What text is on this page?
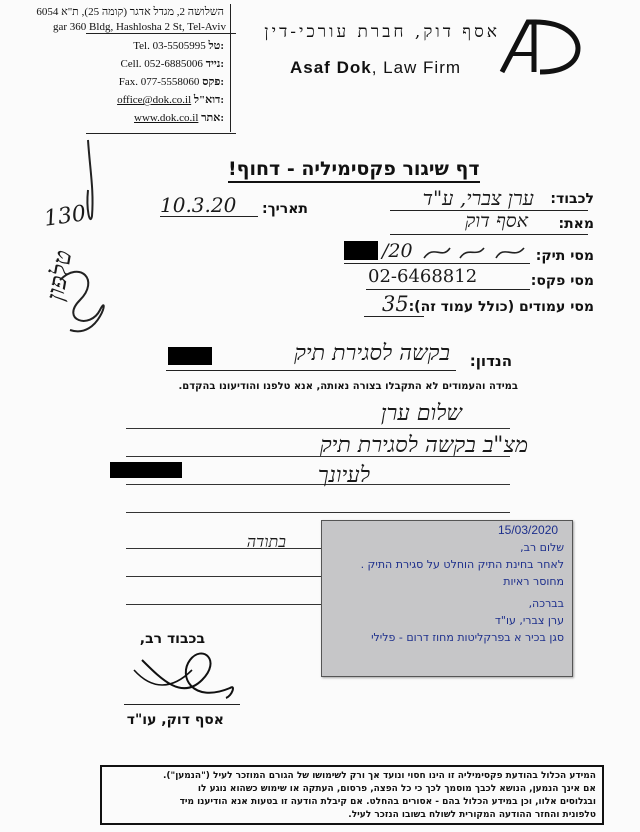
השלושה 2, מגדל אדגר (קומה 25), ת"א 6054
gar 360 Bldg, Hashlosha 2 St, Tel-Aviv
Tel. 03-5505995 טל:
Cell. 052-6885006 נייד:
Fax. 077-5558060 פקס:
office@dok.co.il דוא"ל:
www.dok.co.il אתר:
אסף דוק, חברת עורכי-דין
Asaf Dok, Law Firm
דף שיגור פקסימיליה - דחוף!
130
טלפון
לכבוד:
ערן צברי, ע"ד
תאריך:
10.3.20
מאת:
אסף דוק
מסי תיק:
/20
מסי פקס:
02-6468812
מסי עמודים (כולל עמוד זה):
35
הנדון:
בקשה לסגירת תיק
במידה והעמודים לא התקבלו בצורה נאותה, אנא טלפנו והודיעונו בהקדם.
שלום ערן
מצ"ב בקשה לסגירת תיק
לעיונך
בתודה
בכבוד רב,
אסף דוק, עו"ד
15/03/2020
שלום רב,
לאחר בחינת התיק הוחלט על סגירת התיק .
מחוסר ראיות
בברכה,
ערן צברי, עו"ד
סגן בכיר א בפרקליטות מחוז דרום - פלילי
המידע הכלול בהודעת פקסימיליה זו הינו חסוי ונועד אך ורק לשימושו של הגורם המוזכר לעיל ("הנמען").
אם אינך הנמען, הנושא לכבך מוסמך לכך כי כל הפצה, פרסום, העתקה או שימוש כשהוא נוגע לו
ובגלוסים אלוו, וכן במידע הכלול בהם - אסורים בהחלט. אם קיבלת הודעה זו בטעות אנא הודיענו מיד
טלפונית והחזר ההודעה המקורית לשולח בשובו הנזכר לעיל.
